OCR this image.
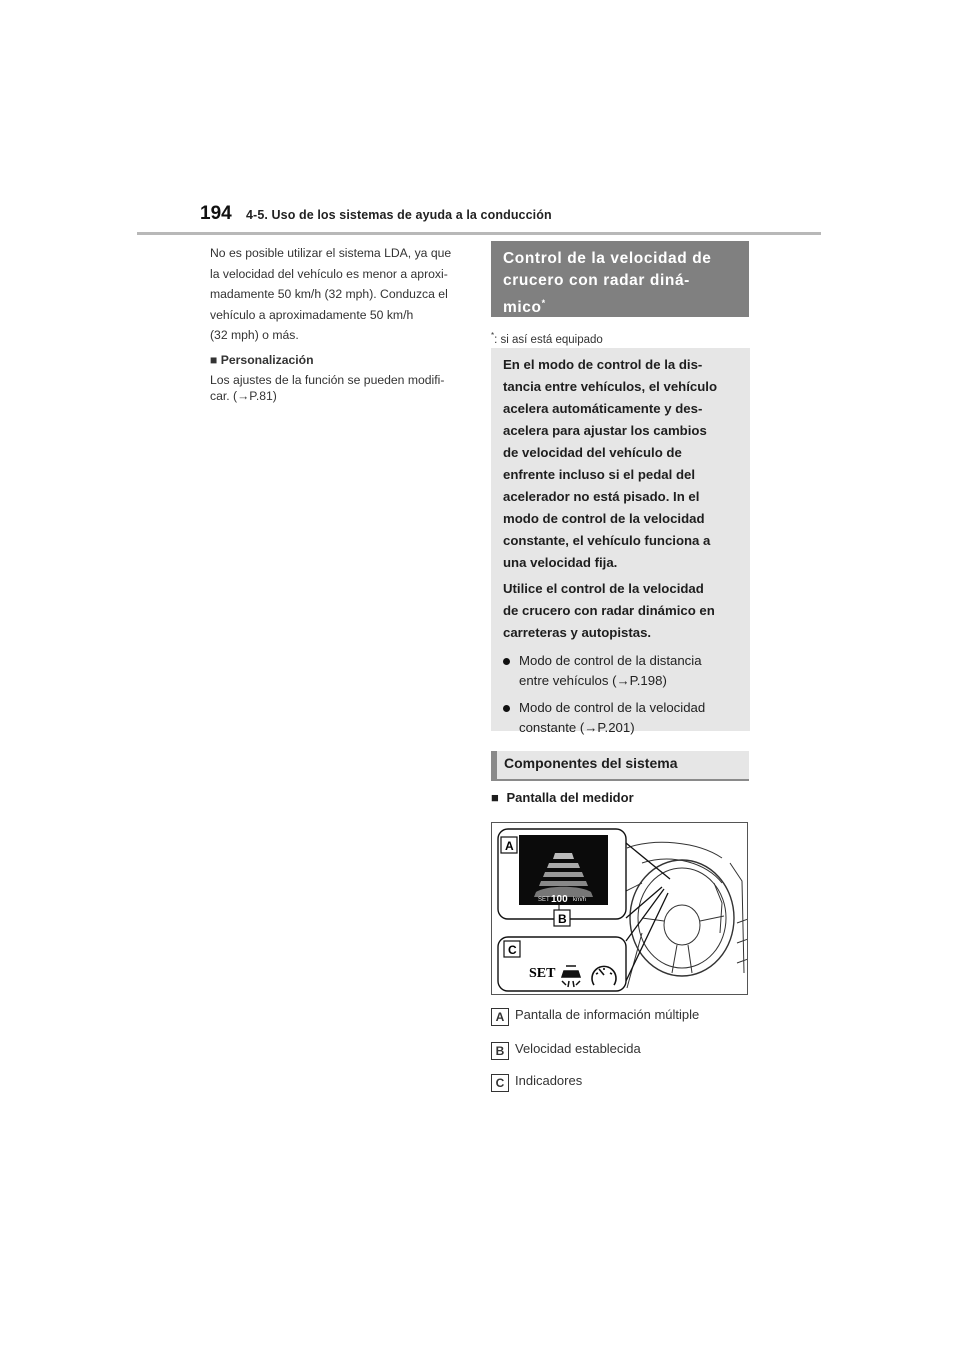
194 4-5. Uso de los sistemas de ayuda a la conducción
No es posible utilizar el sistema LDA, ya que
la velocidad del vehículo es menor a aproxi-
madamente 50 km/h (32 mph). Conduzca el
vehículo a aproximadamente 50 km/h
(32 mph) o más.
■ Personalización
Los ajustes de la función se pueden modifi-
car. (→P.81)
Control de la velocidad de
crucero con radar diná-
mico*
*: si así está equipado
En el modo de control de la dis-
tancia entre vehículos, el vehículo
acelera automáticamente y des-
acelera para ajustar los cambios
de velocidad del vehículo de
enfrente incluso si el pedal del
acelerador no está pisado. In el
modo de control de la velocidad
constante, el vehículo funciona a
una velocidad fija.
Utilice el control de la velocidad
de crucero con radar dinámico en
carreteras y autopistas.
Modo de control de la distancia
entre vehículos (→P.198)
Modo de control de la velocidad
constante (→P.201)
Componentes del sistema
■ Pantalla del medidor
SET 100 km/h
A
B
C
SET
A Pantalla de información múltiple
B Velocidad establecida
C Indicadores
